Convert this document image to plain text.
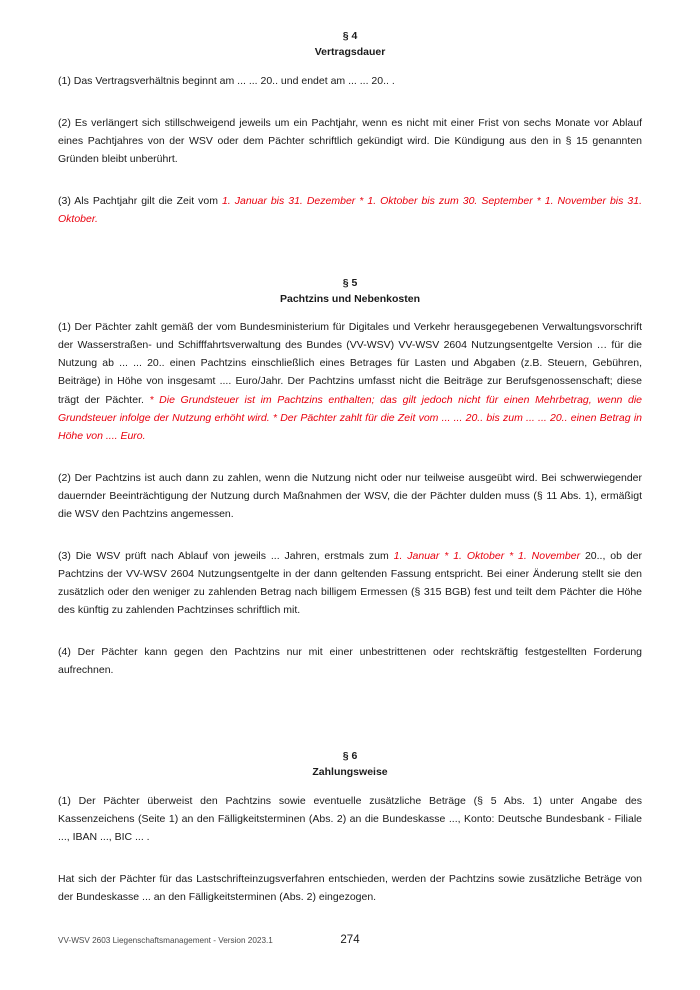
§ 4
Vertragsdauer

(1) Das Vertragsverhältnis beginnt am ... ... 20.. und endet am ... ... 20.. .

(2) Es verlängert sich stillschweigend jeweils um ein Pachtjahr, wenn es nicht mit einer Frist von sechs Monate vor Ablauf eines Pachtjahres von der WSV oder dem Pächter schriftlich gekündigt wird. Die Kündigung aus den in § 15 genannten Gründen bleibt unberührt.

(3) Als Pachtjahr gilt die Zeit vom 1. Januar bis 31. Dezember * 1. Oktober bis zum 30. September * 1. November bis 31. Oktober.

§ 5
Pachtzins und Nebenkosten

(1) Der Pächter zahlt gemäß der vom Bundesministerium für Digitales und Verkehr herausgegebenen Verwaltungsvorschrift der Wasserstraßen- und Schifffahrtsverwaltung des Bundes (VV-WSV) VV-WSV 2604 Nutzungsentgelte Version … für die Nutzung ab ... ... 20.. einen Pachtzins einschließlich eines Betrages für Lasten und Abgaben (z.B. Steuern, Gebühren, Beiträge) in Höhe von insgesamt .... Euro/Jahr. Der Pachtzins umfasst nicht die Beiträge zur Berufsgenossenschaft; diese trägt der Pächter. * Die Grundsteuer ist im Pachtzins enthalten; das gilt jedoch nicht für einen Mehrbetrag, wenn die Grundsteuer infolge der Nutzung erhöht wird. * Der Pächter zahlt für die Zeit vom ... ... 20.. bis zum ... ... 20.. einen Betrag in Höhe von .... Euro.

(2) Der Pachtzins ist auch dann zu zahlen, wenn die Nutzung nicht oder nur teilweise ausgeübt wird. Bei schwerwiegender dauernder Beeinträchtigung der Nutzung durch Maßnahmen der WSV, die der Pächter dulden muss (§ 11 Abs. 1), ermäßigt die WSV den Pachtzins angemessen.

(3) Die WSV prüft nach Ablauf von jeweils ... Jahren, erstmals zum 1. Januar * 1. Oktober * 1. November 20.., ob der Pachtzins der VV-WSV 2604 Nutzungsentgelte in der dann geltenden Fassung entspricht. Bei einer Änderung stellt sie den zusätzlich oder den weniger zu zahlenden Betrag nach billigem Ermessen (§ 315 BGB) fest und teilt dem Pächter die Höhe des künftig zu zahlenden Pachtzinses schriftlich mit.

(4) Der Pächter kann gegen den Pachtzins nur mit einer unbestrittenen oder rechtskräftig festgestellten Forderung aufrechnen.

§ 6
Zahlungsweise

(1) Der Pächter überweist den Pachtzins sowie eventuelle zusätzliche Beträge (§ 5 Abs. 1) unter Angabe des Kassenzeichens (Seite 1) an den Fälligkeitsterminen (Abs. 2) an die Bundeskasse ..., Konto: Deutsche Bundesbank - Filiale ..., IBAN ..., BIC ... .

Hat sich der Pächter für das Lastschrifteinzugsverfahren entschieden, werden der Pachtzins sowie zusätzliche Beträge von der Bundeskasse ... an den Fälligkeitsterminen (Abs. 2) eingezogen.

VV-WSV 2603 Liegenschaftsmanagement - Version 2023.1	274
